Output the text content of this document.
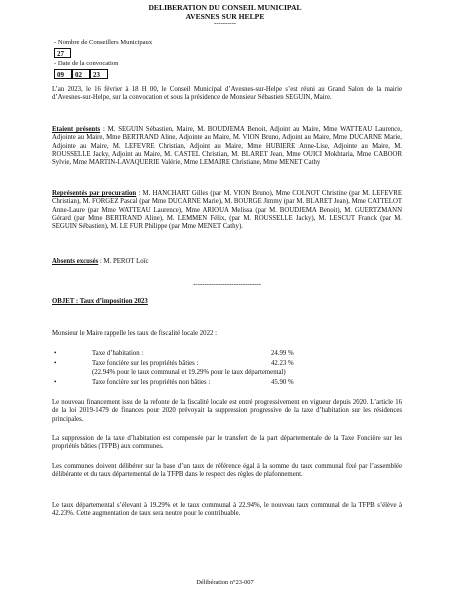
DELIBERATION DU CONSEIL MUNICIPAL
AVESNES SUR HELPE
----------
- Nombre de Conseillers Municipaux
27
- Date de la convocation
09	02	23
L’an 2023, le 16 février à 18 H 00, le Conseil Municipal d’Avesnes-sur-Helpe s’est réuni au Grand Salon de la mairie d’Avesnes-sur-Helpe, sur la convocation et sous la présidence de Monsieur Sébastien SEGUIN, Maire.
Etaient présents : M. SEGUIN Sébastien, Maire, M. BOUDJEMA Benoit, Adjoint au Maire, Mme WATTEAU Laurence, Adjointe au Maire, Mme BERTRAND Aline, Adjointe au Maire, M. VION Bruno, Adjoint au Maire, Mme DUCARNE Marie, Adjointe au Maire, M. LEFEVRE Christian, Adjoint au Maire, Mme HUBIERE Anne-Lise, Adjointe au Maire, M. ROUSSELLE Jacky, Adjoint au Maire, M. CASTEL Christian, M. BLARET Jean, Mme OUICI Mokhtaria, Mme CABOOR Sylvie, Mme MARTIN-LAVAQUERIE Valérie, Mme LEMAIRE Christiane, Mme MENET Cathy
Représentés par procuration : M. HANCHART Gilles (par M. VION Bruno), Mme COLNOT Christine (par M. LEFEVRE Christian), M. FORGEZ Pascal (par Mme DUCARNE Marie), M. BOURGE Jimmy (par M. BLARET Jean), Mme CATTELOT Anne-Laure (par Mme WATTEAU Laurence), Mme ARIOUA Melissa (par M. BOUDJEMA Benoit), M. GUERTZMANN Gérard (par Mme BERTRAND Aline), M. LEMMEN Félix, (par M. ROUSSELLE Jacky), M. LESCUT Franck (par M. SEGUIN Sébastien), M. LE FUR Philippe (par Mme MENET Cathy).
Absents excusés : M. PEROT Loïc
------------------------------
OBJET : Taux d’imposition 2023
Monsieur le Maire rappelle les taux de fiscalité locale 2022 :
•	Taxe d’habitation :	24.99 %
•	Taxe foncière sur les propriétés bâties :	42.23 %
(22.94% pour le taux communal et 19.29% pour le taux départemental)
•	Taxe foncière sur les propriétés non bâties :	45.90 %
Le nouveau financement issu de la refonte de la fiscalité locale est entré progressivement en vigueur depuis 2020. L’article 16 de la loi 2019-1479 de finances pour 2020 prévoyait la suppression progressive de la taxe d’habitation sur les résidences principales.
La suppression de la taxe d’habitation est compensée par le transfert de la part départementale de la Taxe Foncière sur les propriétés bâties (TFPB) aux communes.
Les communes doivent délibérer sur la base d’un taux de référence égal à la somme du taux communal fixé par l’assemblée délibérante et du taux départemental de la TFPB dans le respect des règles de plafonnement.
Le taux départemental s’élevant à 19.29% et le taux communal à 22.94%, le nouveau taux communal de la TFPB s’élève à 42.23%. Cette augmentation de taux sera neutre pour le contribuable.
Délibération n°23-007
